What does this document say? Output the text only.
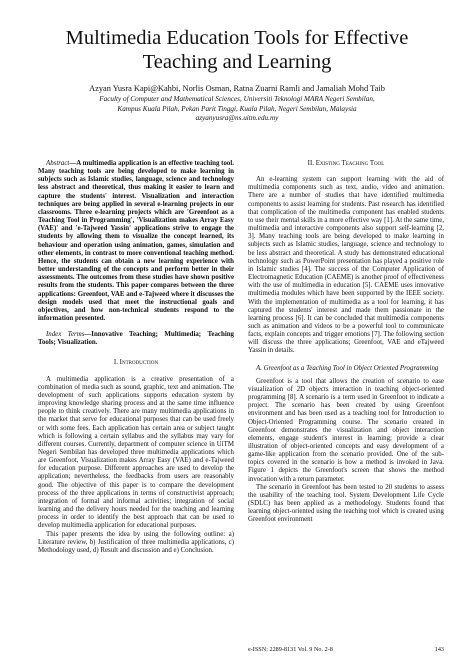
Multimedia Education Tools for Effective
Teaching and Learning
Azyan Yusra Kapi@Kahbi, Norlis Osman, Ratna Zuarni Ramli and Jamaliah Mohd Taib
Faculty of Computer and Mathematical Sciences, Universiti Teknologi MARA Negeri Sembilan,
Kampus Kuala Pilah, Pekan Parit Tinggi, Kuala Pilah, Negeri Sembilan, Malaysia
azyanyusra@ns.uitm.edu.my

Abstract—A multimedia application is an effective teaching tool. Many teaching tools are being developed to make learning in subjects such as Islamic studies, language, science and technology less abstract and theoretical, thus making it easier to learn and capture the students' interest. Visualization and interaction techniques are being applied in several e-learning projects in our classrooms. Three e-learning projects which are 'Greenfoot as a Teaching Tool in Programming', 'Visualization makes Array Easy (VAE)' and 'e-Tajweed Yassin' applications strive to engage the students by allowing them to visualize the concept learned, its behaviour and operation using animation, games, simulation and other elements, in contrast to more conventional teaching method. Hence, the students can obtain a new learning experience with better understanding of the concepts and perform better in their assessments. The outcomes from these studies have shown positive results from the students. This paper compares between the three applications: Greenfoot, VAE and e-Tajweed where it discusses the design models used that meet the instructional goals and objectives, and how non-technical students respond to the information presented.

Index Terms—Innovative Teaching; Multimedia; Teaching Tools; Visualization.

I. Introduction

A multimedia application is a creative presentation of a combination of media such as sound, graphic, text and animation. The development of such applications supports education system by improving knowledge sharing process and at the same time influence people to think creatively. There are many multimedia applications in the market that serve for educational purposes that can be used freely or with some fees. Each application has certain area or subject taught which is following a certain syllabus and the syllabus may vary for different courses. Currently, department of computer science in UiTM Negeri Sembilan has developed three multimedia applications which are Greenfoot, Visualization makes Array Easy (VAE) and e-Tajweed for education purpose. Different approaches are used to develop the application; nevertheless, the feedbacks from users are reasonably good. The objective of this paper is to compare the development process of the three applications in terms of constructivist approach; integration of formal and informal activities; integration of social learning and the delivery hours needed for the teaching and learning process in order to identify the best approach that can be used to develop multimedia application for educational purposes.

This paper presents the idea by using the following outline: a) Literature review, b) Justification of three multimedia applications, c) Methodology used, d) Result and discussion and e) Conclusion.

II. Existing Teaching Tool

An e-learning system can support learning with the aid of multimedia components such as text, audio, video and animation. There are a number of studies that have identified multimedia components to assist learning for students. Past research has identified that complication of the multimedia component has enabled students to use their mental skills in a more effective way [1]. At the same time, multimedia and interactive components also support self-learning [2, 3]. Many teaching tools are being developed to make learning in subjects such as Islamic studies, language, science and technology to be less abstract and theoretical. A study has demonstrated educational technology such as PowerPoint presentation has played a positive role in Islamic studies [4]. The success of the Computer Application of Electromagnetic Education (CAEME) is another proof of effectiveness with the use of multimedia in education [5]. CAEME uses innovative multimedia modules which have been supported by the IEEE society. With the implementation of multimedia as a tool for learning, it has captured the students' interest and made them passionate in the learning process [6]. It can be concluded that multimedia components such as animation and videos to be a powerful tool to communicate facts, explain concepts and trigger emotions [7]. The following section will discuss the three applications; Greenfoot, VAE and eTajweed Yassin in details.

A. Greenfoot as a Teaching Tool in Object Oriented Programming

Greenfoot is a tool that allows the creation of scenario to ease visualization of 2D objects interaction in teaching object-oriented programming [8]. A scenario is a term used in Greenfoot to indicate a project. The scenario has been created by using Greenfoot environment and has been used as a teaching tool for Introduction to Object-Oriented Programming course. The scenario created in Greenfoot demonstrates the visualization and object interaction elements, engage student's interest in learning; provide a clear illustration of object-oriented concepts and easy development of a game-like application from the scenario provided. One of the sub-topics covered in the scenario is how a method is invoked in Java. Figure 1 depicts the Greenfoot's screen that shows the method invocation with a return parameter.

The scenario in Greenfoot has been tested to 20 students to assess the usability of the teaching tool. System Development Life Cycle (SDLC) has been applied as a methodology. Students found that learning object-oriented using the teaching tool which is created using Greenfoot environment

e-ISSN: 2289-8131 Vol. 9 No. 2-8	143
